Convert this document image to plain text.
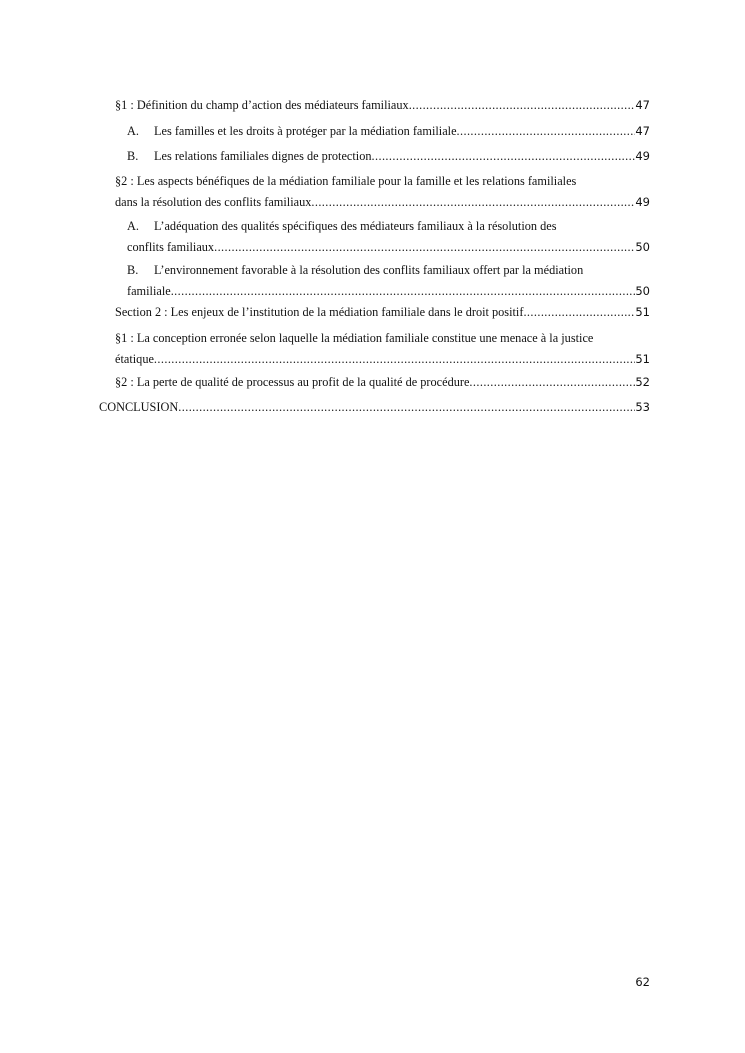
§1 : Définition du champ d’action des médiateurs familiaux .....	47
A. Les familles et les droits à protéger par la médiation familiale .....	47
B. Les relations familiales dignes de protection .....	49
§2 : Les aspects bénéfiques de la médiation familiale pour la famille et les relations familiales
dans la résolution des conflits familiaux .....	49
A. L’adéquation des qualités spécifiques des médiateurs familiaux à la résolution des
conflits familiaux .....	50
B. L’environnement favorable à la résolution des conflits familiaux offert par la médiation
familiale .....	50
Section 2 : Les enjeux de l’institution de la médiation familiale dans le droit positif .....	51
§1 : La conception erronée selon laquelle la médiation familiale constitue une menace à la justice
étatique .....	51
§2 : La perte de qualité de processus au profit de la qualité de procédure .....	52
CONCLUSION .....	53
62
